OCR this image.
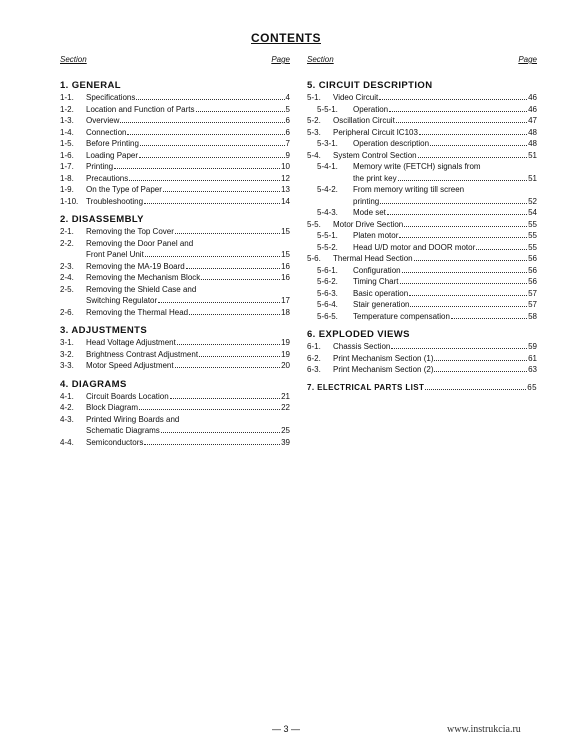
CONTENTS
Section	Page
1. GENERAL
1-1.	Specifications	4
1-2.	Location and Function of Parts	5
1-3.	Overview	6
1-4.	Connection	6
1-5.	Before Printing	7
1-6.	Loading Paper	9
1-7.	Printing	10
1-8.	Precautions	12
1-9.	On the Type of Paper	13
1-10. Troubleshooting	14
2. DISASSEMBLY
2-1.	Removing the Top Cover	15
2-2.	Removing the Door Panel and
Front Panel Unit	15
2-3.	Removing the MA-19 Board	16
2-4.	Removing the Mechanism Block	16
2-5.	Removing the Shield Case and
Switching Regulator	17
2-6.	Removing the Thermal Head	18
3. ADJUSTMENTS
3-1.	Head Voltage Adjustment	19
3-2.	Brightness Contrast Adjustment	19
3-3.	Motor Speed Adjustment	20
4. DIAGRAMS
4-1.	Circuit Boards Location	21
4-2.	Block Diagram	22
4-3.	Printed Wiring Boards and
Schematic Diagrams	25
4-4.	Semiconductors	39
Section	Page
5. CIRCUIT DESCRIPTION
5-1.	Video Circuit	46
5-5-1.	Operation	46
5-2.	Oscillation Circuit	47
5-3.	Peripheral Circuit IC103	48
5-3-1.	Operation description	48
5-4.	System Control Section	51
5-4-1.	Memory write (FETCH) signals from
the print key	51
5-4-2.	From memory writing till screen
printing	52
5-4-3.	Mode set	54
5-5.	Motor Drive Section	55
5-5-1.	Platen motor	55
5-5-2.	Head U/D motor and DOOR motor	55
5-6.	Thermal Head Section	56
5-6-1.	Configuration	56
5-6-2.	Timing Chart	56
5-6-3.	Basic operation	57
5-6-4.	Stair generation	57
5-6-5.	Temperature compensation	58
6. EXPLODED VIEWS
6-1.	Chassis Section	59
6-2.	Print Mechanism Section (1)	61
6-3.	Print Mechanism Section (2)	63
7. ELECTRICAL PARTS LIST	65
— 3 —	www.instrukcia.ru
